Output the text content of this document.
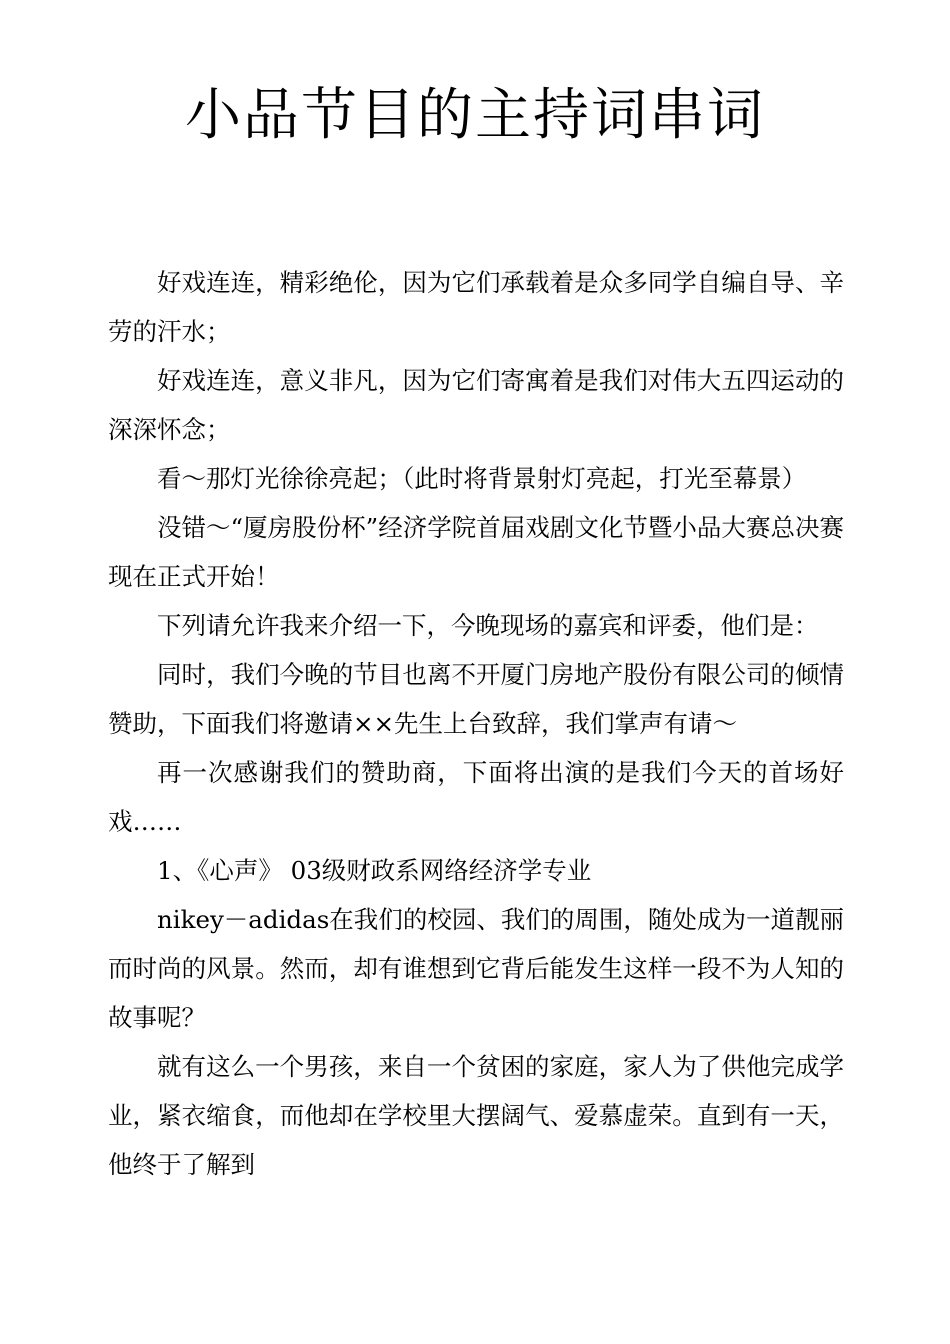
小品节目的主持词串词

好戏连连，精彩绝伦，因为它们承载着是众多同学自编自导、辛劳的汗水；

好戏连连，意义非凡，因为它们寄寓着是我们对伟大五四运动的深深怀念；

看～那灯光徐徐亮起；（此时将背景射灯亮起，打光至幕景）

没错～“厦房股份杯”经济学院首届戏剧文化节暨小品大赛总决赛现在正式开始！

下列请允许我来介绍一下，今晚现场的嘉宾和评委，他们是：

同时，我们今晚的节目也离不开厦门房地产股份有限公司的倾情赞助，下面我们将邀请××先生上台致辞，我们掌声有请～

再一次感谢我们的赞助商，下面将出演的是我们今天的首场好戏……

1、《心声》 03级财政系网络经济学专业

nikey－adidas在我们的校园、我们的周围，随处成为一道靓丽而时尚的风景。然而，却有谁想到它背后能发生这样一段不为人知的故事呢？

就有这么一个男孩，来自一个贫困的家庭，家人为了供他完成学业，紧衣缩食，而他却在学校里大摆阔气、爱慕虚荣。直到有一天，他终于了解到
